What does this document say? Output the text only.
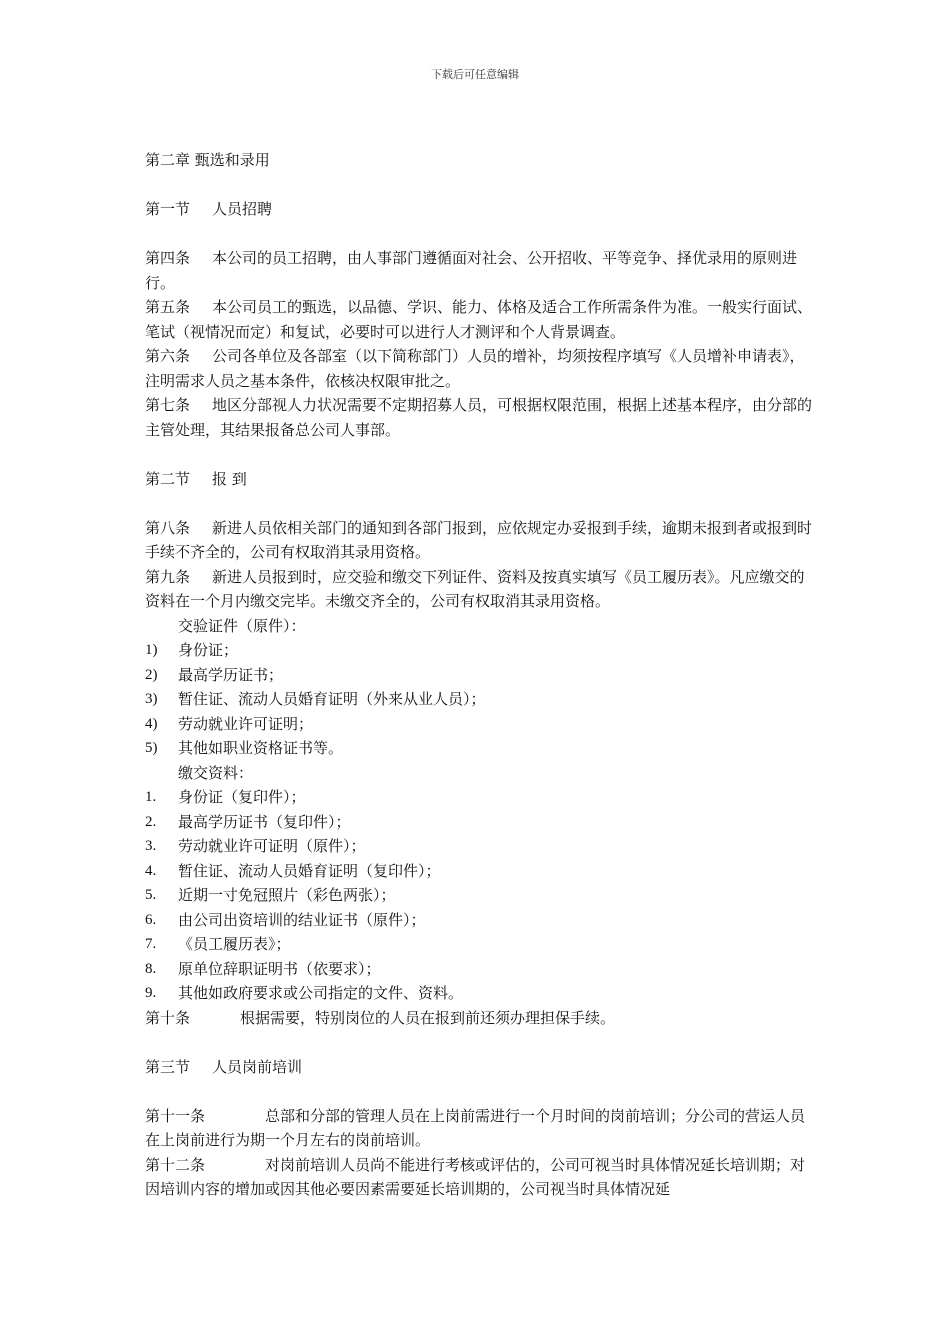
下载后可任意编辑

第二章 甄选和录用

第一节 人员招聘

第四条 本公司的员工招聘，由人事部门遵循面对社会、公开招收、平等竞争、择优录用的原则进行。

第五条 本公司员工的甄选，以品德、学识、能力、体格及适合工作所需条件为准。一般实行面试、笔试（视情况而定）和复试，必要时可以进行人才测评和个人背景调查。

第六条 公司各单位及各部室（以下简称部门）人员的增补，均须按程序填写《人员增补申请表》，注明需求人员之基本条件，依核决权限审批之。

第七条 地区分部视人力状况需要不定期招募人员，可根据权限范围，根据上述基本程序，由分部的主管处理，其结果报备总公司人事部。

第二节 报 到

第八条 新进人员依相关部门的通知到各部门报到，应依规定办妥报到手续，逾期未报到者或报到时手续不齐全的，公司有权取消其录用资格。

第九条 新进人员报到时，应交验和缴交下列证件、资料及按真实填写《员工履历表》。凡应缴交的资料在一个月内缴交完毕。未缴交齐全的，公司有权取消其录用资格。

交验证件（原件）：

1)	身份证；

2)	最高学历证书；

3)	暂住证、流动人员婚育证明（外来从业人员）；

4)	劳动就业许可证明；

5)	其他如职业资格证书等。

缴交资料：

1.	身份证（复印件）；

2.	最高学历证书（复印件）；

3.	劳动就业许可证明（原件）；

4.	暂住证、流动人员婚育证明（复印件）；

5.	近期一寸免冠照片（彩色两张）；

6.	由公司出资培训的结业证书（原件）；

7.	《员工履历表》；

8.	原单位辞职证明书（依要求）；

9.	其他如政府要求或公司指定的文件、资料。

第十条	根据需要，特别岗位的人员在报到前还须办理担保手续。

第三节 人员岗前培训

第十一条	总部和分部的管理人员在上岗前需进行一个月时间的岗前培训；分公司的营运人员在上岗前进行为期一个月左右的岗前培训。

第十二条	对岗前培训人员尚不能进行考核或评估的，公司可视当时具体情况延长培训期；对因培训内容的增加或因其他必要因素需要延长培训期的，公司视当时具体情况延
